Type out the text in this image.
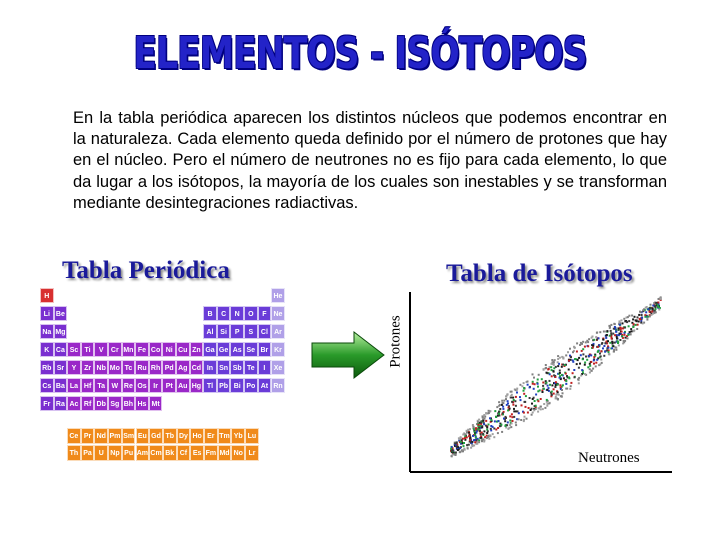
ELEMENTOS - ISÓTOPOS
En la tabla periódica aparecen los distintos núcleos que podemos encontrar en la naturaleza. Cada elemento queda definido por el número de protones que hay en el núcleo. Pero el número de neutrones no es fijo para cada elemento, lo que da lugar a los isótopos, la mayoría de los cuales son inestables y se transforman mediante desintegraciones radiactivas.
Tabla Periódica	Tabla de Isótopos
H	He
Li Be	B	C	N	O	F Ne
Na Mg	Al Si	P	S	Cl Ar
K Ca Sc Ti	V	Cr Mn Fe Co Ni Cu Zn Ga Ge As Se Br Kr
Rb Sr	Y	Zr Nb Mo Tc Ru Rh Pd Ag Cd In Sn Sb Te	I	Xe
Cs Ba La Hf Ta W Re Os Ir	Pt Au Hg Tl Pb Bi Po At Rn
Fr Ra Ac Rf Db Sg Bh Hs Mt
Ce Pr Nd Pm Sm Eu Gd Tb Dy Ho Er Tm Yb Lu
Th Pa U Np Pu Am Cm Bk Cf Es Fm Md No Lr
Protones
Neutrones
